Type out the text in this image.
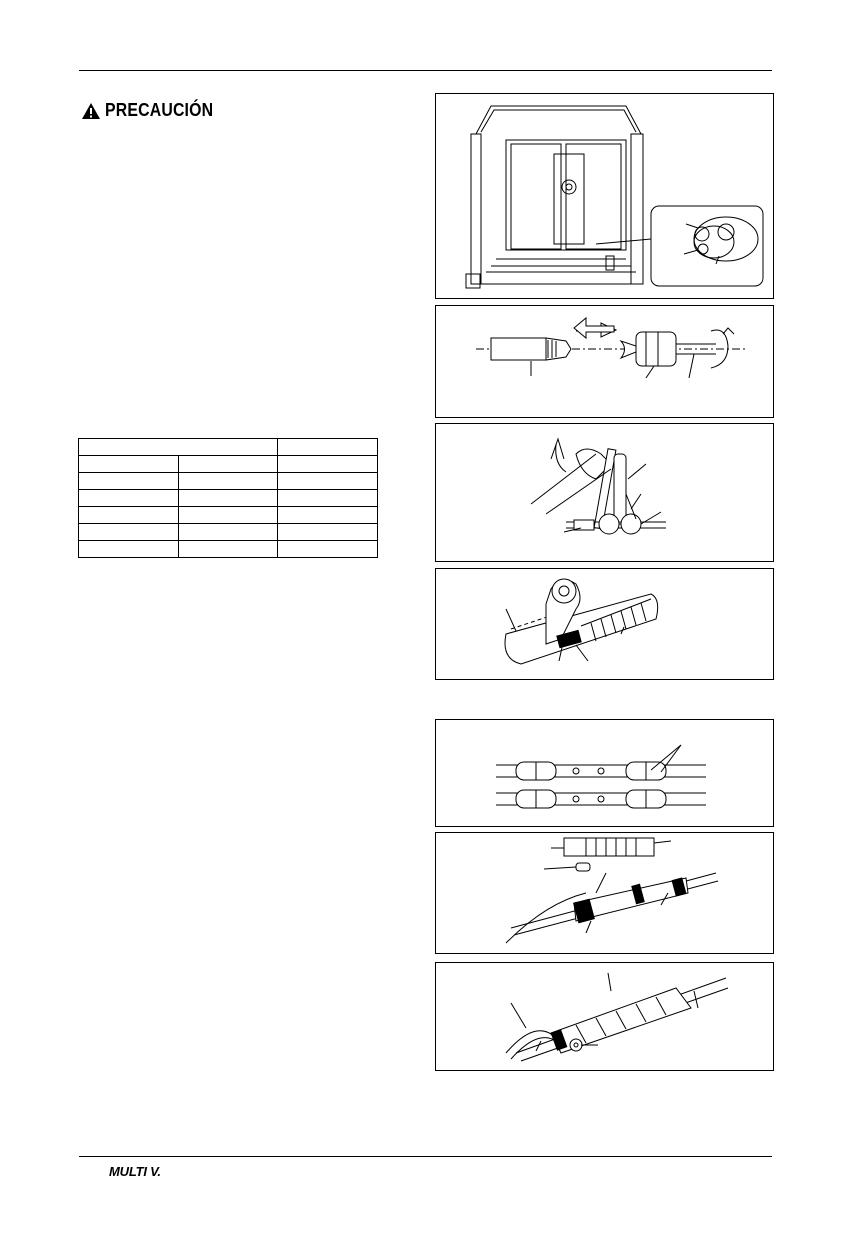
PRECAUCIÓN

MULTI V.
